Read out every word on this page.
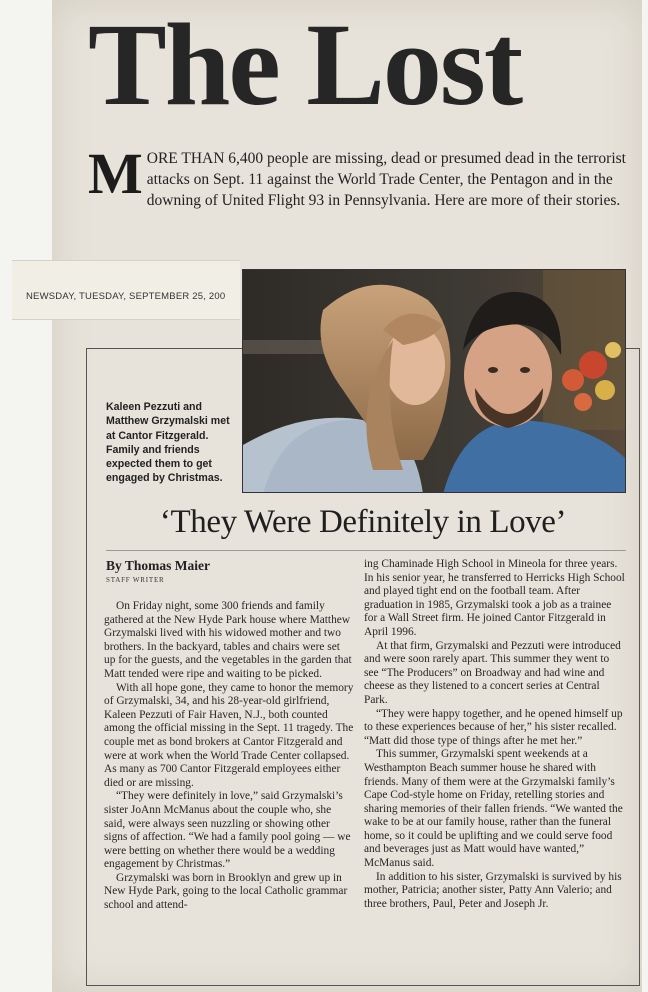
The Lost
MORE THAN 6,400 people are missing, dead or presumed dead in the terrorist attacks on Sept. 11 against the World Trade Center, the Pentagon and in the downing of United Flight 93 in Pennsylvania. Here are more of their stories.
NEWSDAY, TUESDAY, SEPTEMBER 25, 200
Kaleen Pezzuti and Matthew Grzymalski met at Cantor Fitzgerald. Family and friends expected them to get engaged by Christmas.
‘They Were Definitely in Love’
By Thomas Maier
STAFF WRITER

On Friday night, some 300 friends and family gathered at the New Hyde Park house where Matthew Grzymalski lived with his widowed mother and two brothers. In the backyard, tables and chairs were set up for the guests, and the vegetables in the garden that Matt tended were ripe and waiting to be picked.

With all hope gone, they came to honor the memory of Grzymalski, 34, and his 28-year-old girlfriend, Kaleen Pezzuti of Fair Haven, N.J., both counted among the official missing in the Sept. 11 tragedy. The couple met as bond brokers at Cantor Fitzgerald and were at work when the World Trade Center collapsed. As many as 700 Cantor Fitzgerald employees either died or are missing.

“They were definitely in love,” said Grzymalski’s sister JoAnn McManus about the couple who, she said, were always seen nuzzling or showing other signs of affection. “We had a family pool going — we were betting on whether there would be a wedding engagement by Christmas.”

Grzymalski was born in Brooklyn and grew up in New Hyde Park, going to the local Catholic grammar school and attend-

ing Chaminade High School in Mineola for three years. In his senior year, he transferred to Herricks High School and played tight end on the football team. After graduation in 1985, Grzymalski took a job as a trainee for a Wall Street firm. He joined Cantor Fitzgerald in April 1996.

At that firm, Grzymalski and Pezzuti were introduced and were soon rarely apart. This summer they went to see “The Producers” on Broadway and had wine and cheese as they listened to a concert series at Central Park.

“They were happy together, and he opened himself up to these experiences because of her,” his sister recalled. “Matt did those type of things after he met her.”

This summer, Grzymalski spent weekends at a Westhampton Beach summer house he shared with friends. Many of them were at the Grzymalski family’s Cape Cod-style home on Friday, retelling stories and sharing memories of their fallen friends. “We wanted the wake to be at our family house, rather than the funeral home, so it could be uplifting and we could serve food and beverages just as Matt would have wanted,” McManus said.

In addition to his sister, Grzymalski is survived by his mother, Patricia; another sister, Patty Ann Valerio; and three brothers, Paul, Peter and Joseph Jr.
